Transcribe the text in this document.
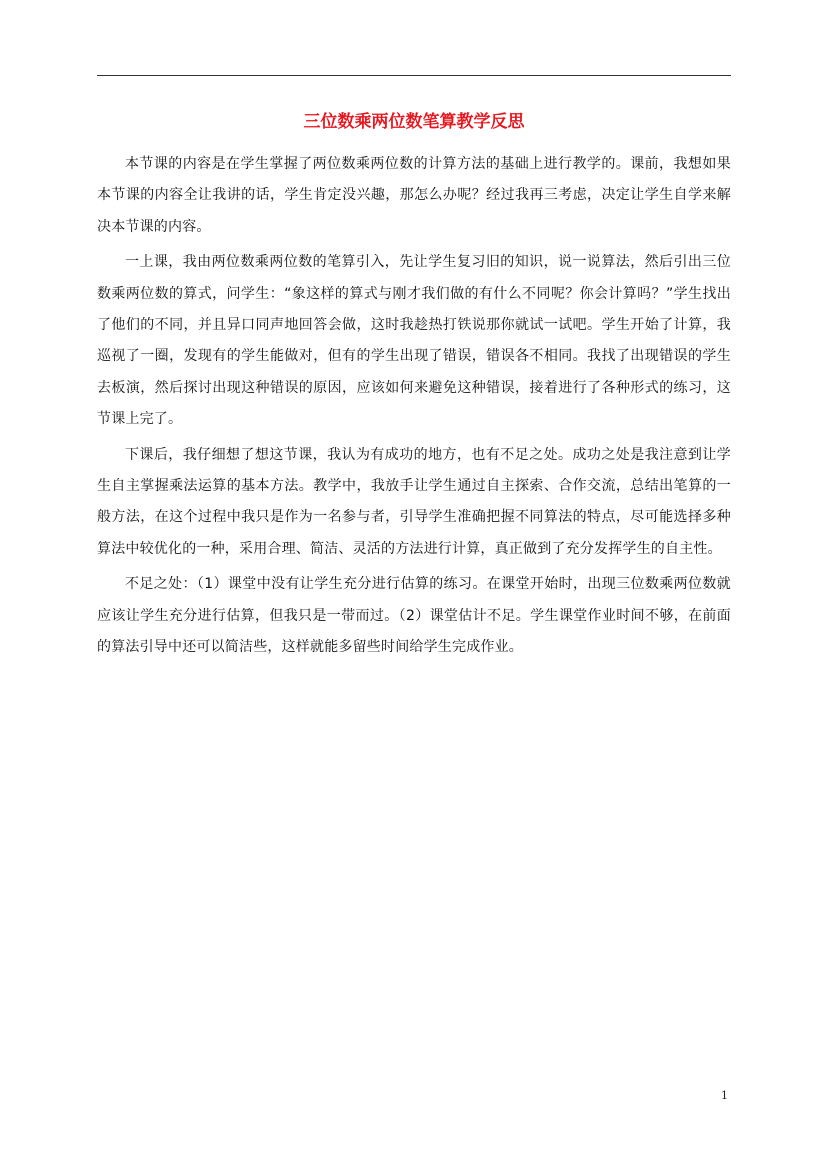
三位数乘两位数笔算教学反思

本节课的内容是在学生掌握了两位数乘两位数的计算方法的基础上进行教学的。课前，我想如果本节课的内容全让我讲的话，学生肯定没兴趣，那怎么办呢？经过我再三考虑，决定让学生自学来解决本节课的内容。

一上课，我由两位数乘两位数的笔算引入，先让学生复习旧的知识，说一说算法，然后引出三位数乘两位数的算式，问学生：“象这样的算式与刚才我们做的有什么不同呢？你会计算吗？”学生找出了他们的不同，并且异口同声地回答会做，这时我趁热打铁说那你就试一试吧。学生开始了计算，我巡视了一圈，发现有的学生能做对，但有的学生出现了错误，错误各不相同。我找了出现错误的学生去板演，然后探讨出现这种错误的原因，应该如何来避免这种错误，接着进行了各种形式的练习，这节课上完了。

下课后，我仔细想了想这节课，我认为有成功的地方，也有不足之处。成功之处是我注意到让学生自主掌握乘法运算的基本方法。教学中，我放手让学生通过自主探索、合作交流，总结出笔算的一般方法，在这个过程中我只是作为一名参与者，引导学生准确把握不同算法的特点，尽可能选择多种算法中较优化的一种，采用合理、简洁、灵活的方法进行计算，真正做到了充分发挥学生的自主性。

不足之处：（1）课堂中没有让学生充分进行估算的练习。在课堂开始时，出现三位数乘两位数就应该让学生充分进行估算，但我只是一带而过。（2）课堂估计不足。学生课堂作业时间不够，在前面的算法引导中还可以简洁些，这样就能多留些时间给学生完成作业。

1
